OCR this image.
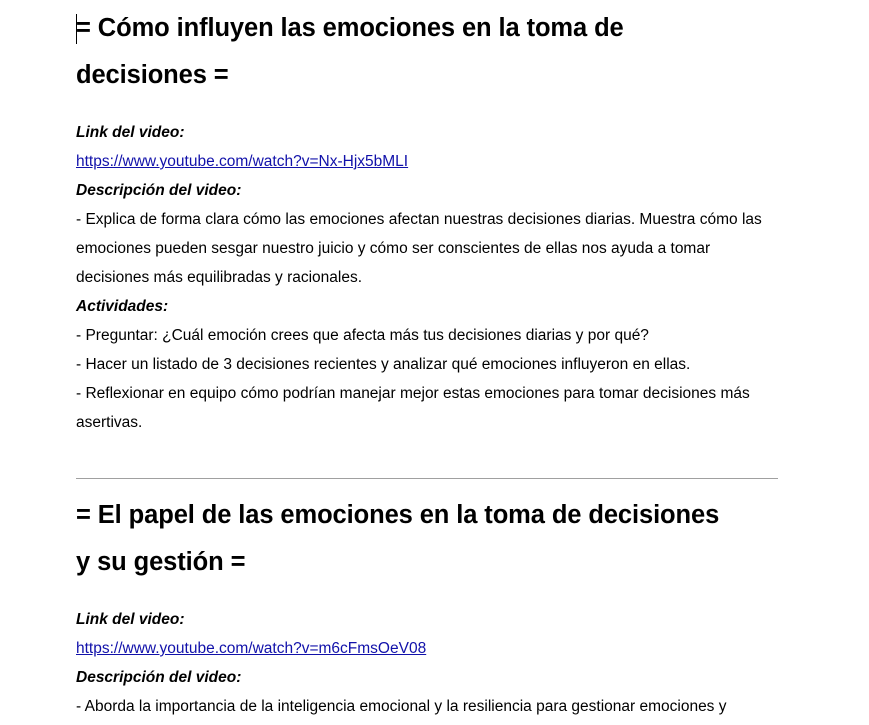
= Cómo influyen las emociones en la toma de
decisiones =
Link del video:
https://www.youtube.com/watch?v=Nx-Hjx5bMLI
Descripción del video:

- Explica de forma clara cómo las emociones afectan nuestras decisiones diarias. Muestra cómo las emociones pueden sesgar nuestro juicio y cómo ser conscientes de ellas nos ayuda a tomar decisiones más equilibradas y racionales.

Actividades:

- Preguntar: ¿Cuál emoción crees que afecta más tus decisiones diarias y por qué?

- Hacer un listado de 3 decisiones recientes y analizar qué emociones influyeron en ellas.

- Reflexionar en equipo cómo podrían manejar mejor estas emociones para tomar decisiones más asertivas.

= El papel de las emociones en la toma de decisiones
y su gestión =
Link del video:
https://www.youtube.com/watch?v=m6cFmsOeV08
Descripción del video:

- Aborda la importancia de la inteligencia emocional y la resiliencia para gestionar emociones y
